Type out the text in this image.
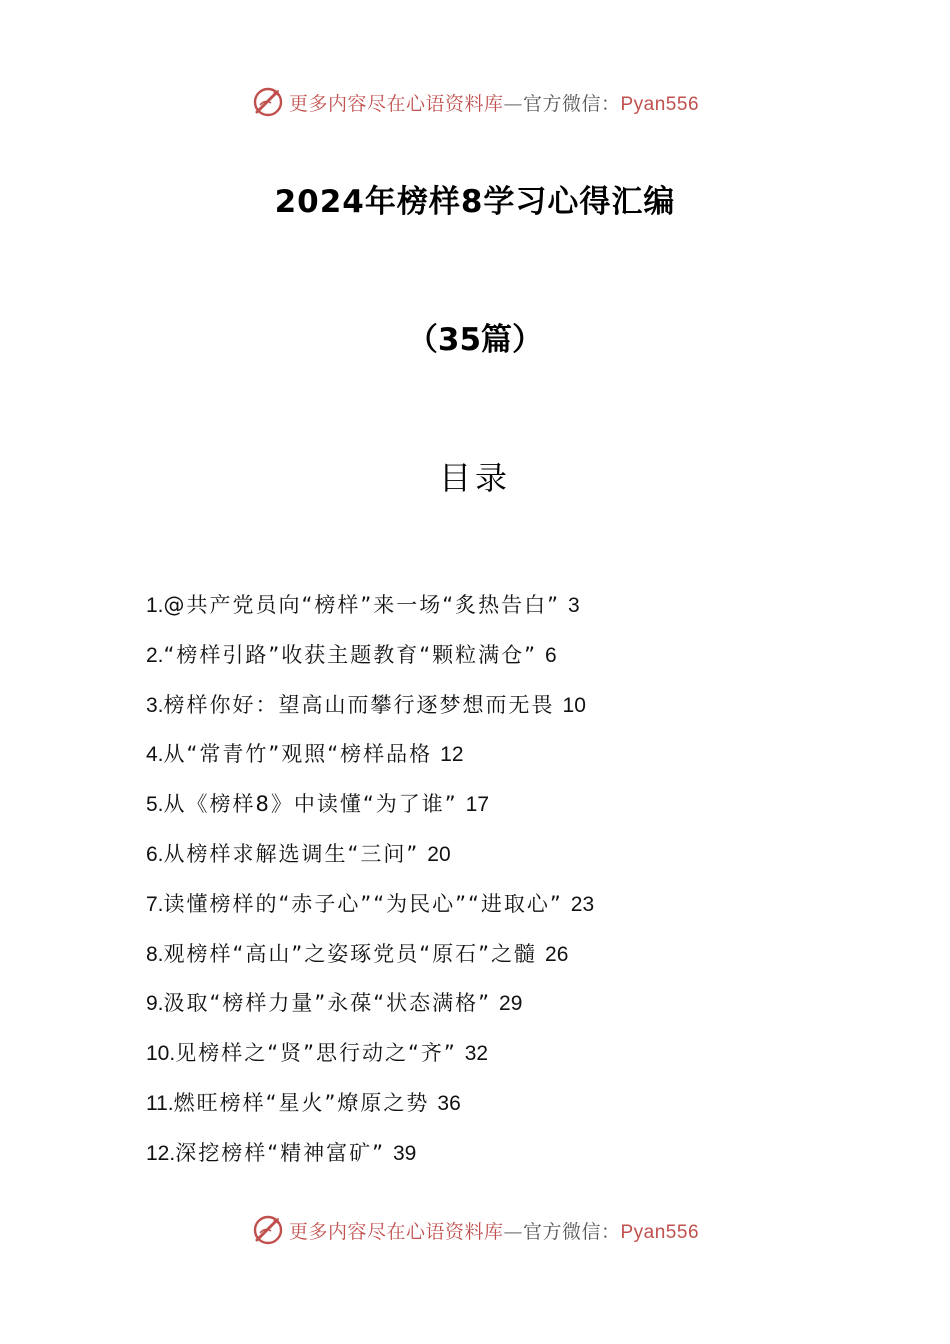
更多内容尽在心语资料库—官方微信：Pyan556
2024年榜样8学习心得汇编
（35篇）
目录
1.@共产党员向“榜样”来一场“炙热告白” 3
2.“榜样引路”收获主题教育“颗粒满仓” 6
3.榜样你好：望高山而攀行逐梦想而无畏 10
4.从“常青竹”观照“榜样品格 12
5.从《榜样8》中读懂“为了谁” 17
6.从榜样求解选调生“三问” 20
7.读懂榜样的“赤子心”“为民心”“进取心” 23
8.观榜样“高山”之姿琢党员“原石”之髓 26
9.汲取“榜样力量”永葆“状态满格” 29
10.见榜样之“贤”思行动之“齐” 32
11.燃旺榜样“星火”燎原之势 36
12.深挖榜样“精神富矿” 39
更多内容尽在心语资料库—官方微信：Pyan556
